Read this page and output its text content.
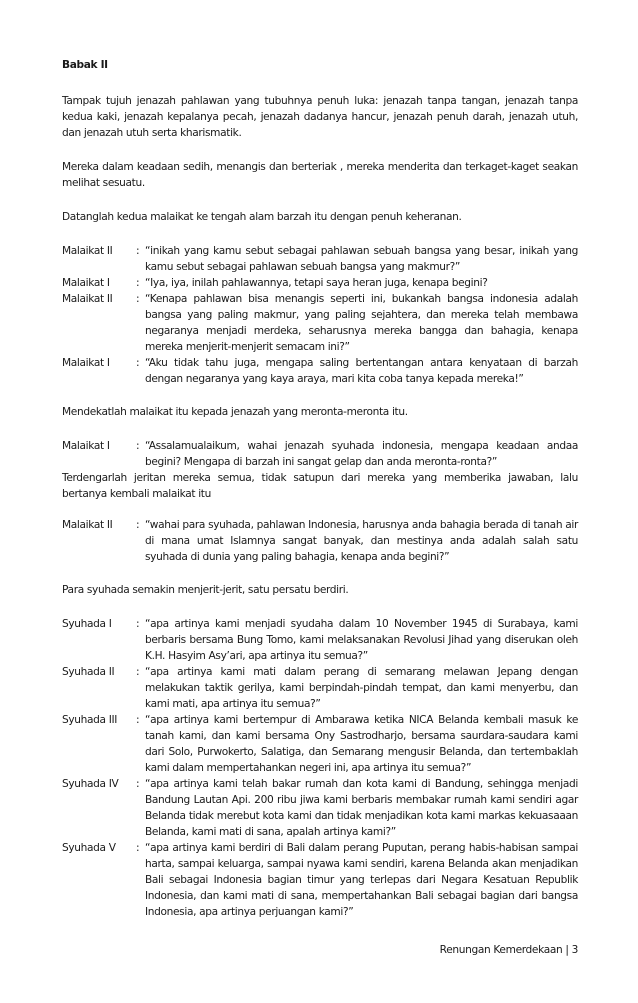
Babak II

Tampak tujuh jenazah pahlawan yang tubuhnya penuh luka: jenazah tanpa tangan, jenazah tanpa kedua kaki, jenazah kepalanya pecah, jenazah dadanya hancur, jenazah penuh darah, jenazah utuh, dan jenazah utuh serta kharismatik.

Mereka dalam keadaan sedih, menangis dan berteriak , mereka menderita dan terkaget-kaget seakan melihat sesuatu.

Datanglah kedua malaikat ke tengah alam barzah itu dengan penuh keheranan.

Malaikat II	: “inikah yang kamu sebut sebagai pahlawan sebuah bangsa yang besar, inikah yang kamu sebut sebagai pahlawan sebuah bangsa yang makmur?”
Malaikat I	: “Iya, iya, inilah pahlawannya, tetapi saya heran juga, kenapa begini?
Malaikat II	: “Kenapa pahlawan bisa menangis seperti ini, bukankah bangsa indonesia adalah bangsa yang paling makmur, yang paling sejahtera, dan mereka telah membawa negaranya menjadi merdeka, seharusnya mereka bangga dan bahagia, kenapa mereka menjerit-menjerit semacam ini?”
Malaikat I	: “Aku tidak tahu juga, mengapa saling bertentangan antara kenyataan di barzah dengan negaranya yang kaya araya, mari kita coba tanya kepada mereka!”

Mendekatlah malaikat itu kepada jenazah yang meronta-meronta itu.

Malaikat I	: “Assalamualaikum, wahai jenazah syuhada indonesia, mengapa keadaan andaa begini? Mengapa di barzah ini sangat gelap dan anda meronta-ronta?”

Terdengarlah jeritan mereka semua, tidak satupun dari mereka yang memberika jawaban, lalu bertanya kembali malaikat itu

Malaikat II	: “wahai para syuhada, pahlawan Indonesia, harusnya anda bahagia berada di tanah air di mana umat Islamnya sangat banyak, dan mestinya anda adalah salah satu syuhada di dunia yang paling bahagia, kenapa anda begini?”

Para syuhada semakin menjerit-jerit, satu persatu berdiri.

Syuhada I	: “apa artinya kami menjadi syudaha dalam 10 November 1945 di Surabaya, kami berbaris bersama Bung Tomo, kami melaksanakan Revolusi Jihad yang diserukan oleh K.H. Hasyim Asy’ari, apa artinya itu semua?”
Syuhada II	: “apa artinya kami mati dalam perang di semarang melawan Jepang dengan melakukan taktik gerilya, kami berpindah-pindah tempat, dan kami menyerbu, dan kami mati, apa artinya itu semua?”
Syuhada III	: “apa artinya kami bertempur di Ambarawa ketika NICA Belanda kembali masuk ke tanah kami, dan kami bersama Ony Sastrodharjo, bersama saurdara-saudara kami dari Solo, Purwokerto, Salatiga, dan Semarang mengusir Belanda, dan tertembaklah kami dalam mempertahankan negeri ini, apa artinya itu semua?”
Syuhada IV	: “apa artinya kami telah bakar rumah dan kota kami di Bandung, sehingga menjadi Bandung Lautan Api. 200 ribu jiwa kami berbaris membakar rumah kami sendiri agar Belanda tidak merebut kota kami dan tidak menjadikan kota kami markas kekuasaaan Belanda, kami mati di sana, apalah artinya kami?”
Syuhada V	: “apa artinya kami berdiri di Bali dalam perang Puputan, perang habis-habisan sampai harta, sampai keluarga, sampai nyawa kami sendiri, karena Belanda akan menjadikan Bali sebagai Indonesia bagian timur yang terlepas dari Negara Kesatuan Republik Indonesia, dan kami mati di sana, mempertahankan Bali sebagai bagian dari bangsa Indonesia, apa artinya perjuangan kami?”
Renungan Kemerdekaan | 3
